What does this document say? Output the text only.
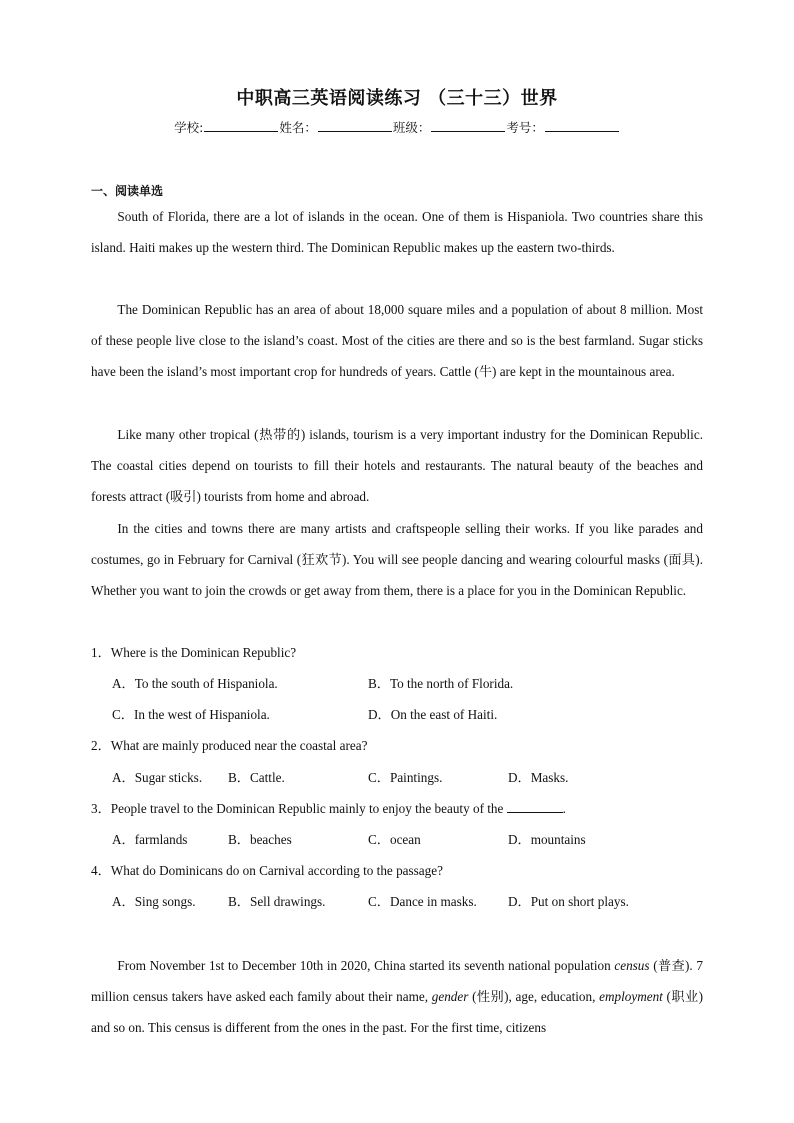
中职高三英语阅读练习 （三十三）世界
学校:	姓名：	班级：	考号：
一、阅读单选
South of Florida, there are a lot of islands in the ocean. One of them is Hispaniola. Two countries share this island. Haiti makes up the western third. The Dominican Republic makes up the eastern two-thirds.
The Dominican Republic has an area of about 18,000 square miles and a population of about 8 million. Most of these people live close to the island’s coast. Most of the cities are there and so is the best farmland. Sugar sticks have been the island’s most important crop for hundreds of years. Cattle (牛) are kept in the mountainous area.
Like many other tropical (热带的) islands, tourism is a very important industry for the Dominican Republic. The coastal cities depend on tourists to fill their hotels and restaurants. The natural beauty of the beaches and forests attract (吸引) tourists from home and abroad.
In the cities and towns there are many artists and craftspeople selling their works. If you like parades and costumes, go in February for Carnival (狂欢节). You will see people dancing and wearing colourful masks (面具). Whether you want to join the crowds or get away from them, there is a place for you in the Dominican Republic.
1．Where is the Dominican Republic?
A．To the south of Hispaniola.	B．To the north of Florida.
C．In the west of Hispaniola.	D．On the east of Haiti.
2．What are mainly produced near the coastal area?
A．Sugar sticks. B．Cattle.	C．Paintings.	D．Masks.
3．People travel to the Dominican Republic mainly to enjoy the beauty of the	.
A．farmlands	B．beaches	C．ocean	D．mountains
4．What do Dominicans do on Carnival according to the passage?
A．Sing songs. B．Sell drawings.	C．Dance in masks. D．Put on short plays.
From November 1st to December 10th in 2020, China started its seventh national population census (普查). 7 million census takers have asked each family about their name, gender (性别), age, education, employment (职业) and so on. This census is different from the ones in the past. For the first time, citizens
